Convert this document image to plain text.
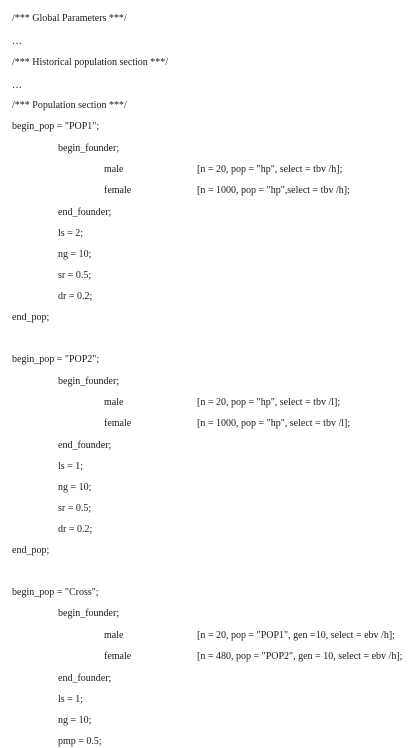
/*** Global Parameters ***/
…
/*** Historical population section ***/
…
/*** Population section ***/
begin_pop = "POP1";
begin_founder;
male	[n = 20, pop = "hp", select = tbv /h];
female	[n = 1000, pop = "hp",select = tbv /h];
end_founder;
ls = 2;
ng = 10;
sr = 0.5;
dr = 0.2;
end_pop;
begin_pop = "POP2";
begin_founder;
male	[n = 20, pop = "hp", select = tbv /l];
female	[n = 1000, pop = "hp", select = tbv /l];
end_founder;
ls = 1;
ng = 10;
sr = 0.5;
dr = 0.2;
end_pop;
begin_pop = "Cross";
begin_founder;
male	[n = 20, pop = "POP1", gen =10, select = ebv /h];
female	[n = 480, pop = "POP2", gen = 10, select = ebv /h];
end_founder;
ls = 1;
ng = 10;
pmp = 0.5;
